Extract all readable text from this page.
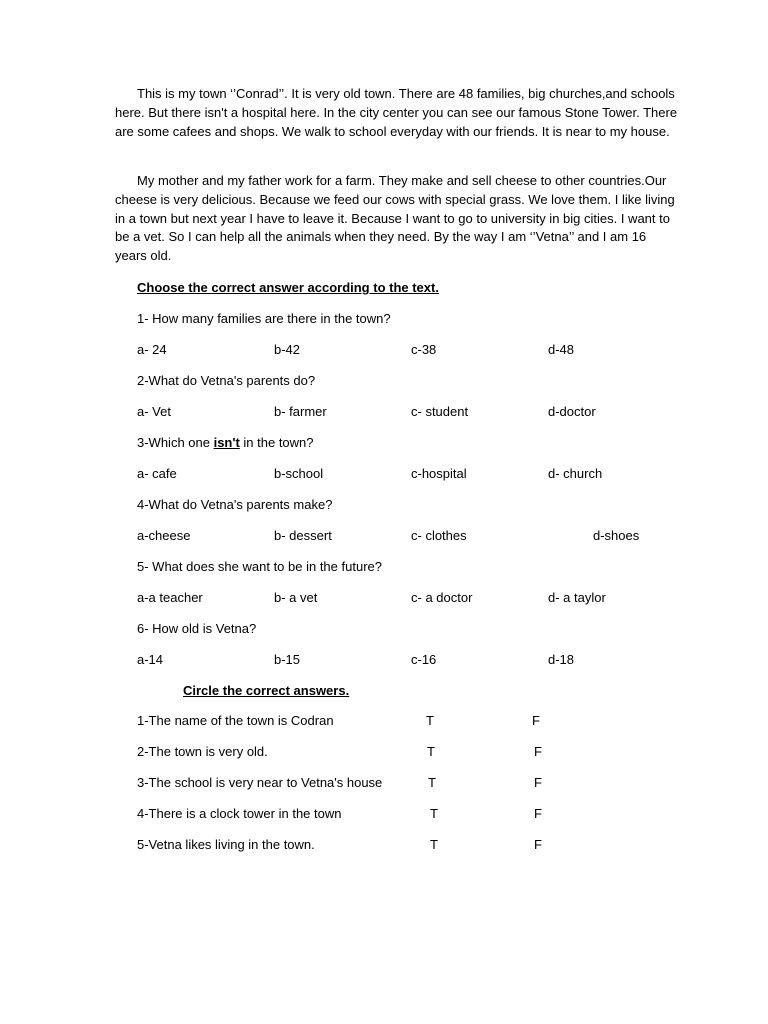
This is my town ‘’Conrad’’. It is very old town. There are 48 families, big churches,and schools here. But there isn't a hospital here. In the city center you can see our famous Stone Tower. There are some cafees and shops. We walk to school everyday with our friends. It is near to my house.

My mother and my father work for a farm. They make and sell cheese to other countries.Our cheese is very delicious. Because we feed our cows with special grass. We love them. I like living in a town but next year I have to leave it. Because I want to go to university in big cities. I want to be a vet. So I can help all the animals when they need. By the way I am ‘’Vetna’’ and I am 16 years old.

Choose the correct answer according to the text.
1- How many families are there in the town?
a- 24	b-42	c-38	d-48
2-What do Vetna's parents do?
a- Vet	b- farmer	c- student	d-doctor
3-Which one isn't in the town?
a- cafe	b-school	c-hospital	d- church
4-What do Vetna's parents make?
a-cheese	b- dessert	c- clothes	d-shoes
5- What does she want to be in the future?
a-a teacher	b- a vet	c- a doctor	d- a taylor
6- How old is Vetna?
a-14	b-15	c-16	d-18
Circle the correct answers.
1-The name of the town is Codran	T	F
2-The town is very old.	T	F
3-The school is very near to Vetna's house	T	F
4-There is a clock tower in the town	T	F
5-Vetna likes living in the town.	T	F
